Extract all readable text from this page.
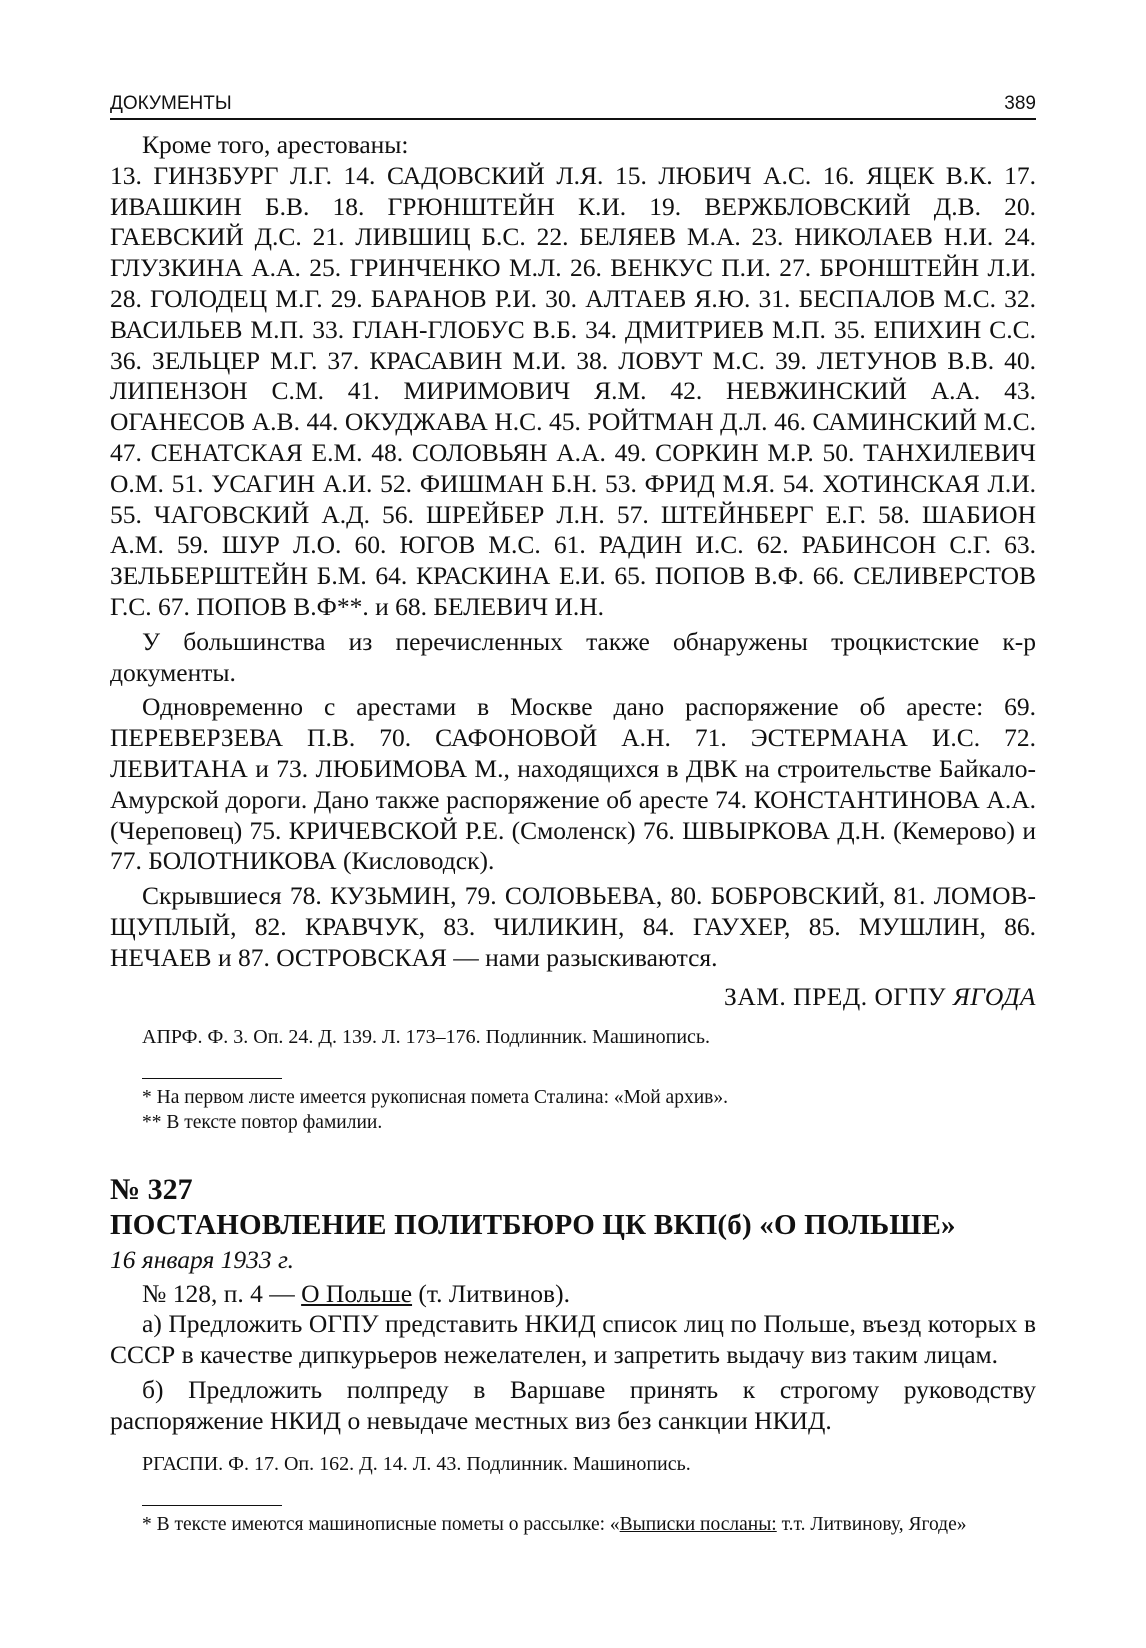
ДОКУМЕНТЫ	389

Кроме того, арестованы:

13. ГИНЗБУРГ Л.Г. 14. САДОВСКИЙ Л.Я. 15. ЛЮБИЧ А.С. 16. ЯЦЕК В.К. 17. ИВАШКИН Б.В. 18. ГРЮНШТЕЙН К.И. 19. ВЕРЖБЛОВСКИЙ Д.В. 20. ГАЕВСКИЙ Д.С. 21. ЛИВШИЦ Б.С. 22. БЕЛЯЕВ М.А. 23. НИКОЛАЕВ Н.И. 24. ГЛУЗКИНА А.А. 25. ГРИНЧЕНКО М.Л. 26. ВЕНКУС П.И. 27. БРОНШТЕЙН Л.И. 28. ГОЛОДЕЦ М.Г. 29. БАРАНОВ Р.И. 30. АЛТАЕВ Я.Ю. 31. БЕСПАЛОВ М.С. 32. ВАСИЛЬЕВ М.П. 33. ГЛАН-ГЛОБУС В.Б. 34. ДМИТРИЕВ М.П. 35. ЕПИХИН С.С. 36. ЗЕЛЬЦЕР М.Г. 37. КРАСАВИН М.И. 38. ЛОВУТ М.С. 39. ЛЕТУНОВ В.В. 40. ЛИПЕНЗОН С.М. 41. МИРИМОВИЧ Я.М. 42. НЕВЖИНСКИЙ А.А. 43. ОГАНЕСОВ А.В. 44. ОКУДЖАВА Н.С. 45. РОЙТМАН Д.Л. 46. САМИНСКИЙ М.С. 47. СЕНАТСКАЯ Е.М. 48. СОЛОВЬЯН А.А. 49. СОРКИН М.Р. 50. ТАНХИЛЕВИЧ О.М. 51. УСАГИН А.И. 52. ФИШМАН Б.Н. 53. ФРИД М.Я. 54. ХОТИНСКАЯ Л.И. 55. ЧАГОВСКИЙ А.Д. 56. ШРЕЙБЕР Л.Н. 57. ШТЕЙНБЕРГ Е.Г. 58. ШАБИОН А.М. 59. ШУР Л.О. 60. ЮГОВ М.С. 61. РАДИН И.С. 62. РАБИНСОН С.Г. 63. ЗЕЛЬБЕРШТЕЙН Б.М. 64. КРАСКИНА Е.И. 65. ПОПОВ В.Ф. 66. СЕЛИВЕРСТОВ Г.С. 67. ПОПОВ В.Ф**. и 68. БЕЛЕВИЧ И.Н.

У большинства из перечисленных также обнаружены троцкистские к-р документы.

Одновременно с арестами в Москве дано распоряжение об аресте: 69. ПЕРЕВЕРЗЕВА П.В. 70. САФОНОВОЙ А.Н. 71. ЭСТЕРМАНА И.С. 72. ЛЕВИТАНА и 73. ЛЮБИМОВА М., находящихся в ДВК на строительстве Байкало-Амурской дороги. Дано также распоряжение об аресте 74. КОНСТАНТИНОВА А.А. (Череповец) 75. КРИЧЕВСКОЙ Р.Е. (Смоленск) 76. ШВЫРКОВА Д.Н. (Кемерово) и 77. БОЛОТНИКОВА (Кисловодск).

Скрывшиеся 78. КУЗЬМИН, 79. СОЛОВЬЕВА, 80. БОБРОВСКИЙ, 81. ЛОМОВ-ЩУПЛЫЙ, 82. КРАВЧУК, 83. ЧИЛИКИН, 84. ГАУХЕР, 85. МУШЛИН, 86. НЕЧАЕВ и 87. ОСТРОВСКАЯ — нами разыскиваются.

ЗАМ. ПРЕД. ОГПУ ЯГОДА

АПРФ. Ф. 3. Оп. 24. Д. 139. Л. 173–176. Подлинник. Машинопись.

* На первом листе имеется рукописная помета Сталина: «Мой архив».

** В тексте повтор фамилии.

№ 327

ПОСТАНОВЛЕНИЕ ПОЛИТБЮРО ЦК ВКП(б) «О ПОЛЬШЕ»

16 января 1933 г.

№ 128, п. 4 — О Польше (т. Литвинов).

а) Предложить ОГПУ представить НКИД список лиц по Польше, въезд которых в СССР в качестве дипкурьеров нежелателен, и запретить выдачу виз таким лицам.

б) Предложить полпреду в Варшаве принять к строгому руководству распоряжение НКИД о невыдаче местных виз без санкции НКИД.

РГАСПИ. Ф. 17. Оп. 162. Д. 14. Л. 43. Подлинник. Машинопись.

* В тексте имеются машинописные пометы о рассылке: «Выписки посланы: т.т. Литвинову, Ягоде»
